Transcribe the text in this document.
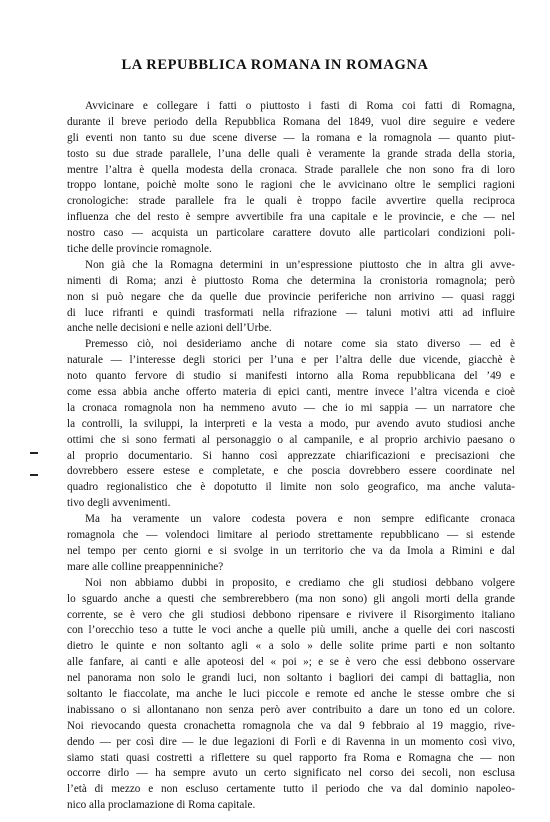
LA REPUBBLICA ROMANA IN ROMAGNA
Avvicinare e collegare i fatti o piuttosto i fasti di Roma coi fatti di Romagna,
durante il breve periodo della Repubblica Romana del 1849, vuol dire seguire e vedere
gli eventi non tanto su due scene diverse — la romana e la romagnola — quanto piut-
tosto su due strade parallele, l’una delle quali è veramente la grande strada della storia,
mentre l’altra è quella modesta della cronaca. Strade parallele che non sono fra di loro
troppo lontane, poichè molte sono le ragioni che le avvicinano oltre le semplici ragioni
cronologiche: strade parallele fra le quali è troppo facile avvertire quella reciproca
influenza che del resto è sempre avvertibile fra una capitale e le provincie, e che — nel
nostro caso — acquista un particolare carattere dovuto alle particolari condizioni poli-
tiche delle provincie romagnole.
Non già che la Romagna determini in un’espressione piuttosto che in altra gli avve-
nimenti di Roma; anzi è piuttosto Roma che determina la cronistoria romagnola; però
non si può negare che da quelle due provincie periferiche non arrivino — quasi raggi
di luce rifranti e quindi trasformati nella rifrazione — taluni motivi atti ad influire
anche nelle decisioni e nelle azioni dell’Urbe.
Premesso ciò, noi desideriamo anche di notare come sia stato diverso — ed è
naturale — l’interesse degli storici per l’una e per l’altra delle due vicende, giacchè è
noto quanto fervore di studio si manifesti intorno alla Roma repubblicana del ’49 e
come essa abbia anche offerto materia di epici canti, mentre invece l’altra vicenda e cioè
la cronaca romagnola non ha nemmeno avuto — che io mi sappia — un narratore che
la controlli, la sviluppi, la interpreti e la vesta a modo, pur avendo avuto studiosi anche
ottimi che si sono fermati al personaggio o al campanile, e al proprio archivio paesano o
al proprio documentario. Si hanno così apprezzate chiarificazioni e precisazioni che
dovrebbero essere estese e completate, e che poscia dovrebbero essere coordinate nel
quadro regionalistico che è dopotutto il limite non solo geografico, ma anche valuta-
tivo degli avvenimenti.
Ma ha veramente un valore codesta povera e non sempre edificante cronaca
romagnola che — volendoci limitare al periodo strettamente repubblicano — si estende
nel tempo per cento giorni e si svolge in un territorio che va da Imola a Rimini e dal
mare alle colline preappenniniche?
Noi non abbiamo dubbi in proposito, e crediamo che gli studiosi debbano volgere
lo sguardo anche a questi che sembrerebbero (ma non sono) gli angoli morti della grande
corrente, se è vero che gli studiosi debbono ripensare e rivivere il Risorgimento italiano
con l’orecchio teso a tutte le voci anche a quelle più umili, anche a quelle dei cori nascosti
dietro le quinte e non soltanto agli « a solo » delle solite prime parti e non soltanto
alle fanfare, ai canti e alle apoteosi del « poi »; e se è vero che essi debbono osservare
nel panorama non solo le grandi luci, non soltanto i bagliori dei campi di battaglia, non
soltanto le fiaccolate, ma anche le luci piccole e remote ed anche le stesse ombre che si
inabissano o si allontanano non senza però aver contribuito a dare un tono ed un colore.
Noi rievocando questa cronachetta romagnola che va dal 9 febbraio al 19 maggio, rive-
dendo — per così dire — le due legazioni di Forlì e di Ravenna in un momento così vivo,
siamo stati quasi costretti a riflettere su quel rapporto fra Roma e Romagna che — non
occorre dirlo — ha sempre avuto un certo significato nel corso dei secoli, non esclusa
l’età di mezzo e non escluso certamente tutto il periodo che va dal dominio napoleo-
nico alla proclamazione di Roma capitale.
